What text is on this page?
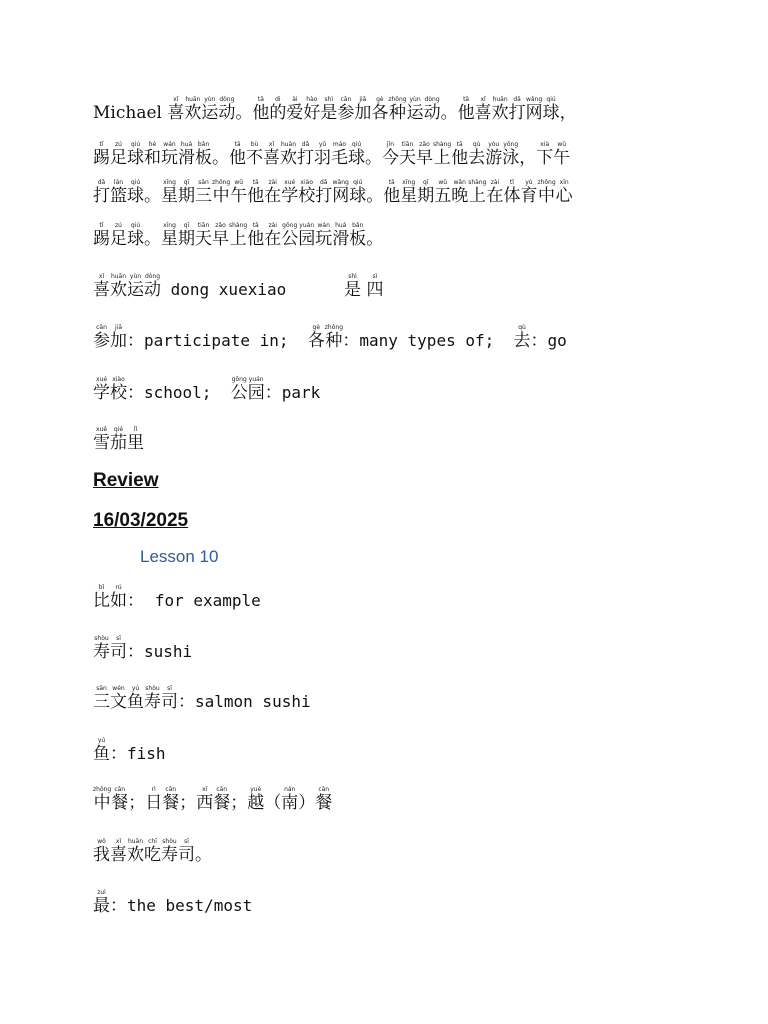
Michael 喜xǐ欢huān运yùn动dòng。他tā的di爱ài好hào是shì参cān加jiā各gè种zhǒng运yùn动dòng。他tā喜xǐ欢huān打dǎ网wǎng球qiú，
踢tī足zú球qiú和hé玩wán滑huá板bǎn。他tā不bù喜xǐ欢huān打dǎ羽yǔ毛máo球qiú。今jīn天tiān早zǎo上shàng他tā去qù游yóu泳yǒng，下xià午wǔ
打dǎ篮lán球qiú。星xīng期qī三sān中zhōng午wǔ他tā在zài学xué校xiào打dǎ网wǎng球qiú。他tā星xīng期qī五wǔ晚wǎn上shàng在zài体tǐ育yù中zhōng心xīn
踢tī足zú球qiú。星xīng期qī天tiān早zǎo上shàng他tā在zài公gōng园yuán玩wán滑huá板bǎn。
喜xǐ欢huān运yùn动dòng dong xuexiao      是shì 四sì
参cān加jiā：participate in;  各gè种zhǒng：many types of;  去qù：go
学xué校xiào：school;  公gōng园yuán：park
雪xuě茄qié里lǐ
Review
16/03/2025
Lesson 10
比bǐ如rú：  for example
寿shòu司sī：sushi
三sān文wén鱼yú寿shòu司sī：salmon sushi
鱼yú：fish
中zhōng餐cān；日rì餐cān；西xī餐cān；越yuè（南nán）餐cān
我wǒ喜xǐ欢huān吃chī寿shòu司sī。
最zuì：the best/most
